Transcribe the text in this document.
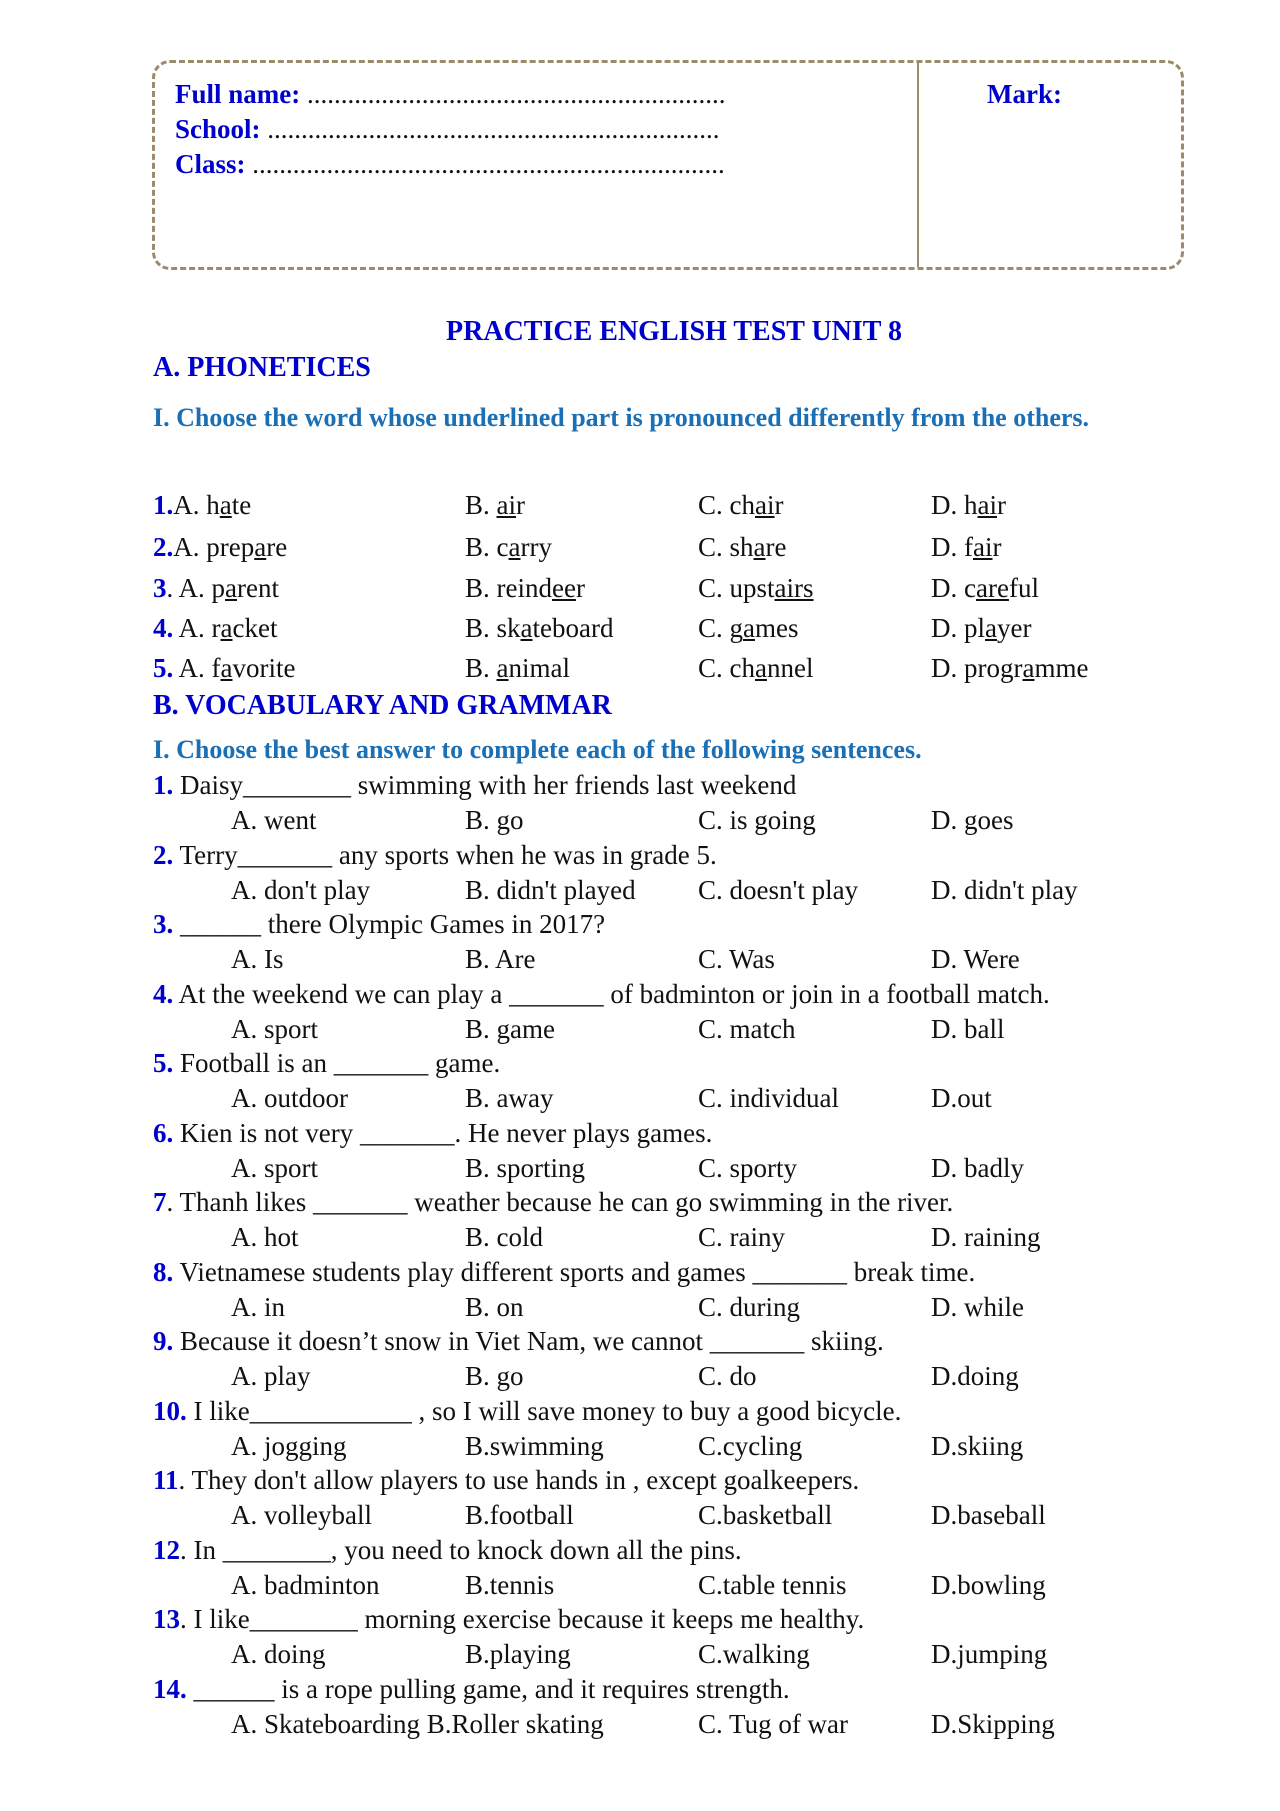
Full name: ..............................................................
School: ...................................................................
Class: ......................................................................
Mark:
PRACTICE ENGLISH TEST UNIT 8
A. PHONETICES
I. Choose the word whose underlined part is pronounced differently from the others.
1.A. hate	B. air	C. chair	D. hair
2.A. prepare	B. carry	C. share	D. fair
3. A. parent	B. reindeer	C. upstairs	D. careful
4. A. racket	B. skateboard	C. games	D. player
5. A. favorite	B. animal	C. channel	D. programme
B. VOCABULARY AND GRAMMAR
I. Choose the best answer to complete each of the following sentences.
1. Daisy________ swimming with her friends last weekend
A. went	B. go	C. is going	D. goes
2. Terry_______ any sports when he was in grade 5.
A. don't play	B. didn't played C. doesn't play	D. didn't play
3. ______ there Olympic Games in 2017?
A. Is	B. Are	C. Was	D. Were
4. At the weekend we can play a _______ of badminton or join in a football match.
A. sport	B. game	C. match	D. ball
5. Football is an _______ game.
A. outdoor	B. away	C. individual	D.out
6. Kien is not very _______. He never plays games.
A. sport	B. sporting	C. sporty	D. badly
7. Thanh likes _______ weather because he can go swimming in the river.
A. hot	B. cold	C. rainy	D. raining
8. Vietnamese students play different sports and games _______ break time.
A. in	B. on	C. during	D. while
9. Because it doesn’t snow in Viet Nam, we cannot _______ skiing.
A. play	B. go	C. do	D.doing
10. I like____________ , so I will save money to buy a good bicycle.
A. jogging	B.swimming	C.cycling	D.skiing
11. They don't allow players to use hands in , except goalkeepers.
A. volleyball	B.football	C.basketball	D.baseball
12. In ________, you need to knock down all the pins.
A. badminton	B.tennis	C.table tennis	D.bowling
13. I like________ morning exercise because it keeps me healthy.
A. doing	B.playing	C.walking	D.jumping
14. ______ is a rope pulling game, and it requires strength.
A. Skateboarding B.Roller skating	C. Tug of war	D.Skipping
